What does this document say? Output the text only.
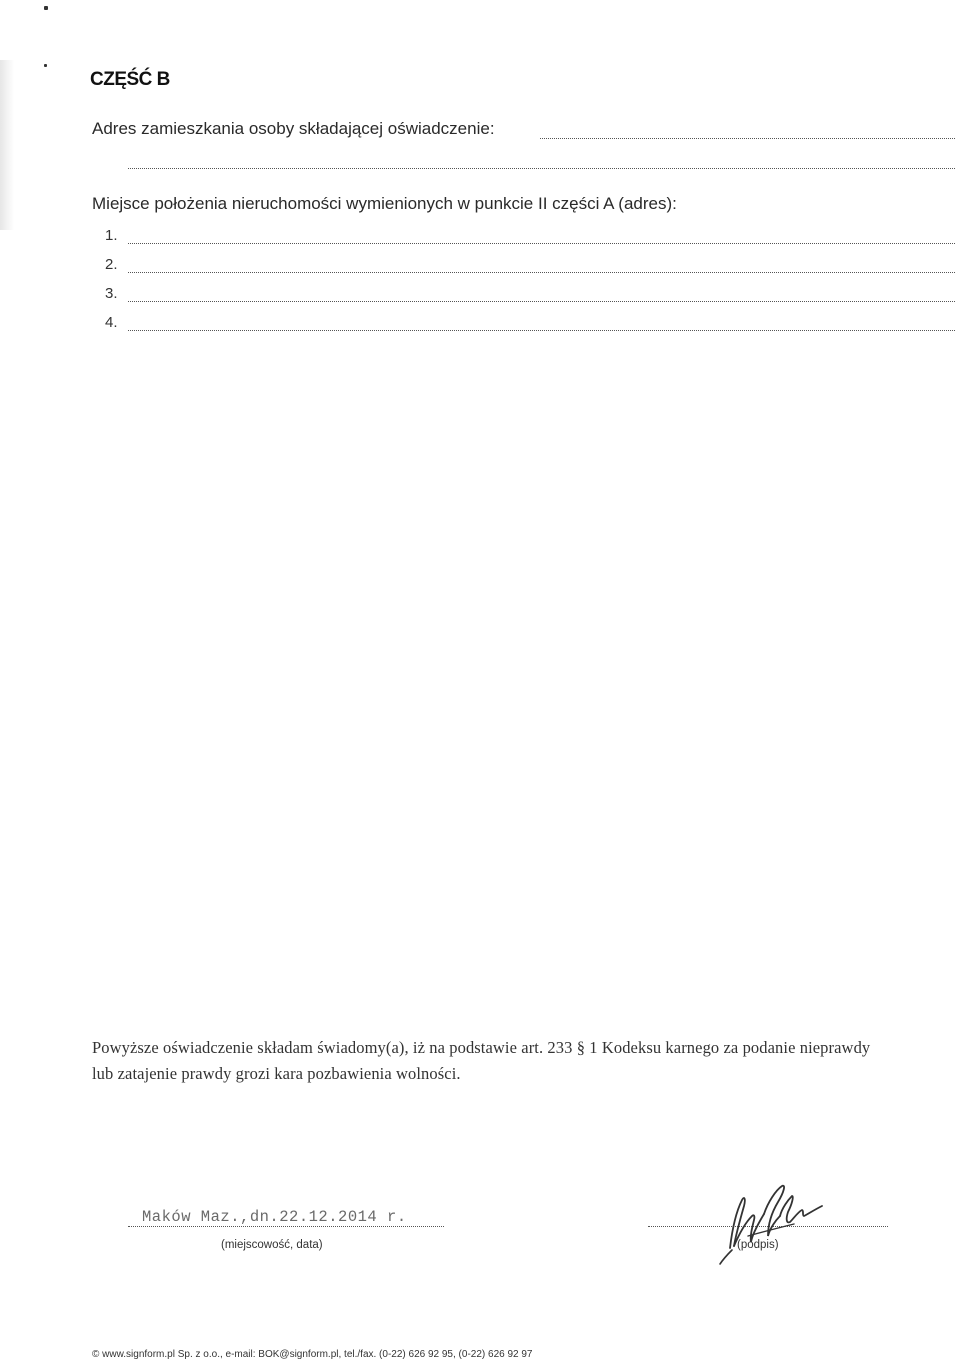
CZĘŚĆ B
Adres zamieszkania osoby składającej oświadczenie:
Miejsce położenia nieruchomości wymienionych w punkcie II części A (adres):
1.
2.
3.
4.
Powyższe oświadczenie składam świadomy(a), iż na podstawie art. 233 § 1 Kodeksu karnego za podanie nieprawdy
lub zatajenie prawdy grozi kara pozbawienia wolności.
Maków Maz.,dn.22.12.2014 r.
(miejscowość, data)	(podpis)
© www.signform.pl Sp. z o.o., e-mail: BOK@signform.pl, tel./fax. (0-22) 626 92 95, (0-22) 626 92 97
